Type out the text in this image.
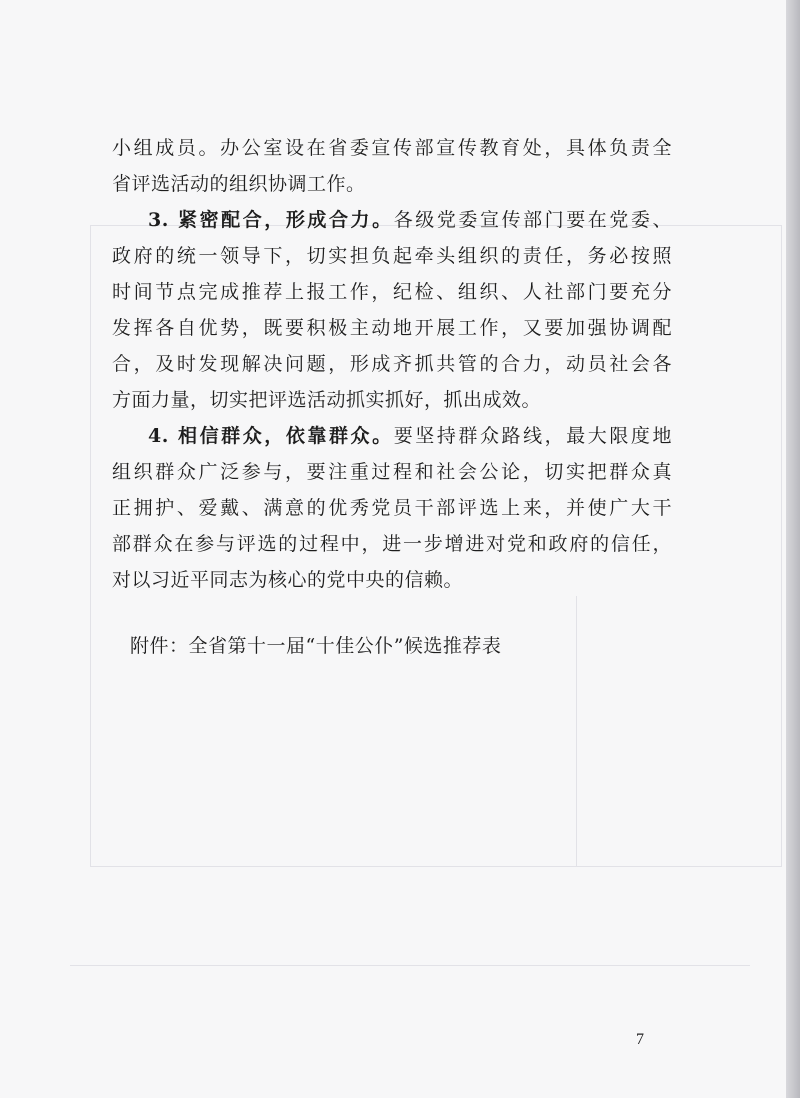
小组成员。办公室设在省委宣传部宣传教育处，具体负责全
省评选活动的组织协调工作。
3. 紧密配合，形成合力。各级党委宣传部门要在党委、
政府的统一领导下，切实担负起牵头组织的责任，务必按照
时间节点完成推荐上报工作，纪检、组织、人社部门要充分
发挥各自优势，既要积极主动地开展工作，又要加强协调配
合，及时发现解决问题，形成齐抓共管的合力，动员社会各
方面力量，切实把评选活动抓实抓好，抓出成效。
4. 相信群众，依靠群众。要坚持群众路线，最大限度地
组织群众广泛参与，要注重过程和社会公论，切实把群众真
正拥护、爱戴、满意的优秀党员干部评选上来，并使广大干
部群众在参与评选的过程中，进一步增进对党和政府的信任，
对以习近平同志为核心的党中央的信赖。
附件：全省第十一届“十佳公仆”候选推荐表
7
